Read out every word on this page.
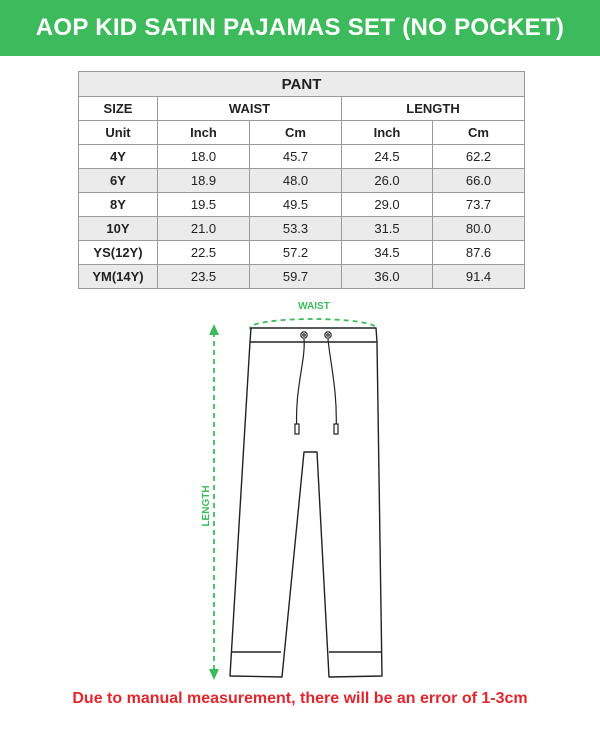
AOP KID SATIN PAJAMAS SET (NO POCKET)
PANT				
SIZE	WAIST		LENGTH	
Unit	Inch	Cm	Inch	Cm
4Y	18.0	45.7	24.5	62.2
6Y	18.9	48.0	26.0	66.0
8Y	19.5	49.5	29.0	73.7
10Y	21.0	53.3	31.5	80.0
YS(12Y)	22.5	57.2	34.5	87.6
YM(14Y)	23.5	59.7	36.0	91.4
WAIST
LENGTH
Due to manual measurement, there will be an error of 1-3cm
